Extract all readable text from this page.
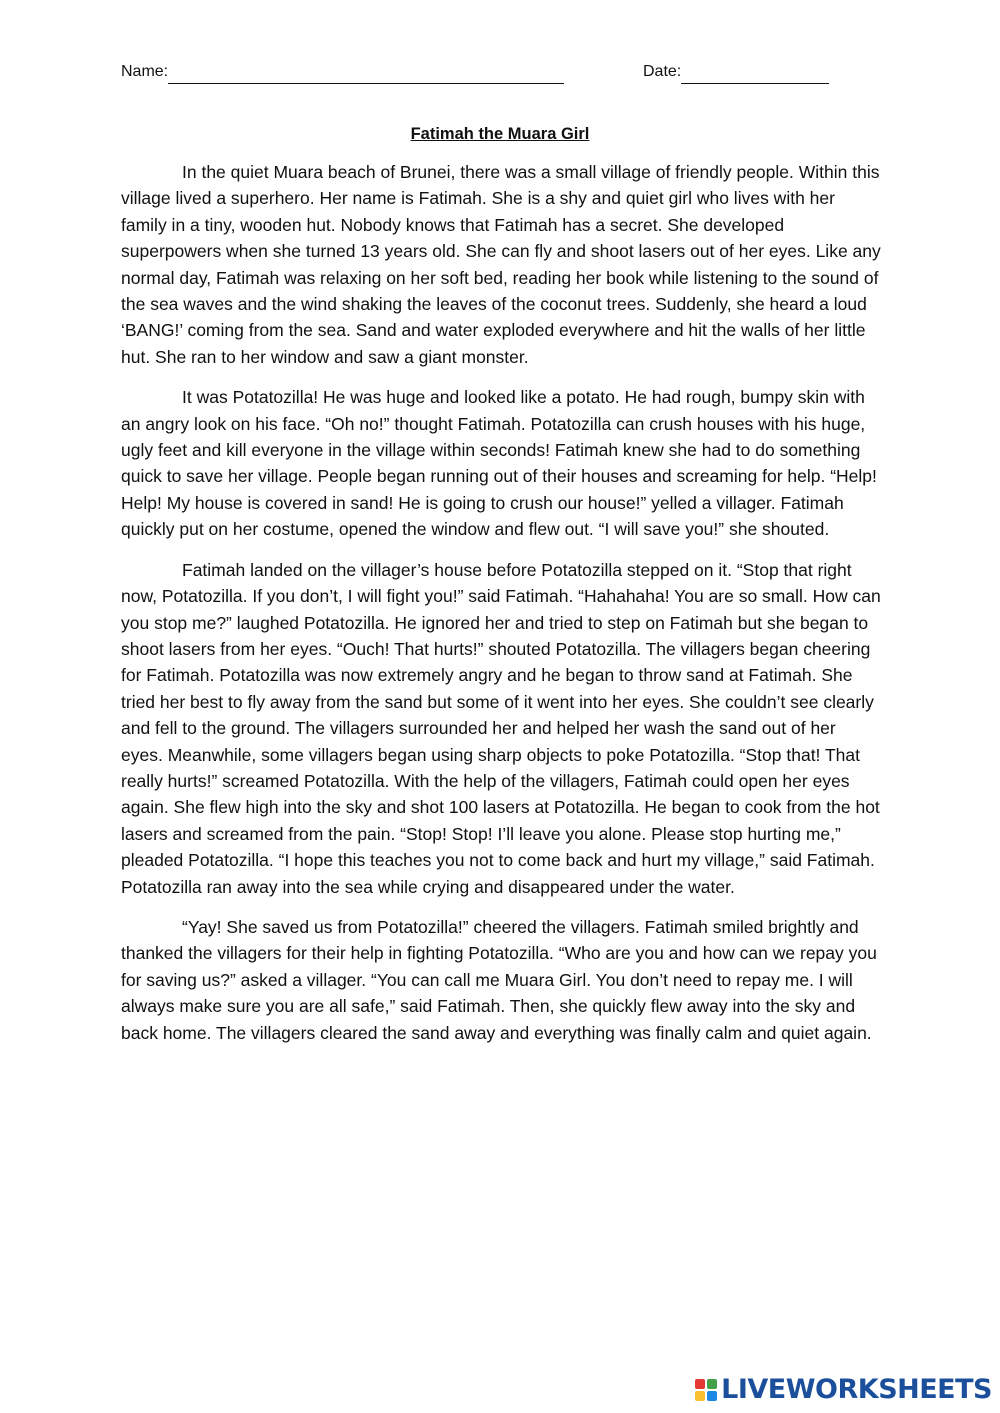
Name:	Date:
Fatimah the Muara Girl

In the quiet Muara beach of Brunei, there was a small village of friendly people. Within this village lived a superhero. Her name is Fatimah. She is a shy and quiet girl who lives with her family in a tiny, wooden hut. Nobody knows that Fatimah has a secret. She developed superpowers when she turned 13 years old. She can fly and shoot lasers out of her eyes. Like any normal day, Fatimah was relaxing on her soft bed, reading her book while listening to the sound of the sea waves and the wind shaking the leaves of the coconut trees. Suddenly, she heard a loud ‘BANG!’ coming from the sea. Sand and water exploded everywhere and hit the walls of her little hut. She ran to her window and saw a giant monster.

It was Potatozilla! He was huge and looked like a potato. He had rough, bumpy skin with an angry look on his face. “Oh no!” thought Fatimah. Potatozilla can crush houses with his huge, ugly feet and kill everyone in the village within seconds! Fatimah knew she had to do something quick to save her village. People began running out of their houses and screaming for help. “Help! Help! My house is covered in sand! He is going to crush our house!” yelled a villager. Fatimah quickly put on her costume, opened the window and flew out. “I will save you!” she shouted.

Fatimah landed on the villager’s house before Potatozilla stepped on it. “Stop that right now, Potatozilla. If you don’t, I will fight you!” said Fatimah. “Hahahaha! You are so small. How can you stop me?” laughed Potatozilla. He ignored her and tried to step on Fatimah but she began to shoot lasers from her eyes. “Ouch! That hurts!” shouted Potatozilla. The villagers began cheering for Fatimah. Potatozilla was now extremely angry and he began to throw sand at Fatimah. She tried her best to fly away from the sand but some of it went into her eyes. She couldn’t see clearly and fell to the ground. The villagers surrounded her and helped her wash the sand out of her eyes. Meanwhile, some villagers began using sharp objects to poke Potatozilla. “Stop that! That really hurts!” screamed Potatozilla. With the help of the villagers, Fatimah could open her eyes again. She flew high into the sky and shot 100 lasers at Potatozilla. He began to cook from the hot lasers and screamed from the pain. “Stop! Stop! I’ll leave you alone. Please stop hurting me,” pleaded Potatozilla. “I hope this teaches you not to come back and hurt my village,” said Fatimah. Potatozilla ran away into the sea while crying and disappeared under the water.

“Yay! She saved us from Potatozilla!” cheered the villagers. Fatimah smiled brightly and thanked the villagers for their help in fighting Potatozilla. “Who are you and how can we repay you for saving us?” asked a villager. “You can call me Muara Girl. You don’t need to repay me. I will always make sure you are all safe,” said Fatimah. Then, she quickly flew away into the sky and back home. The villagers cleared the sand away and everything was finally calm and quiet again.

LIVEWORKSHEETS
